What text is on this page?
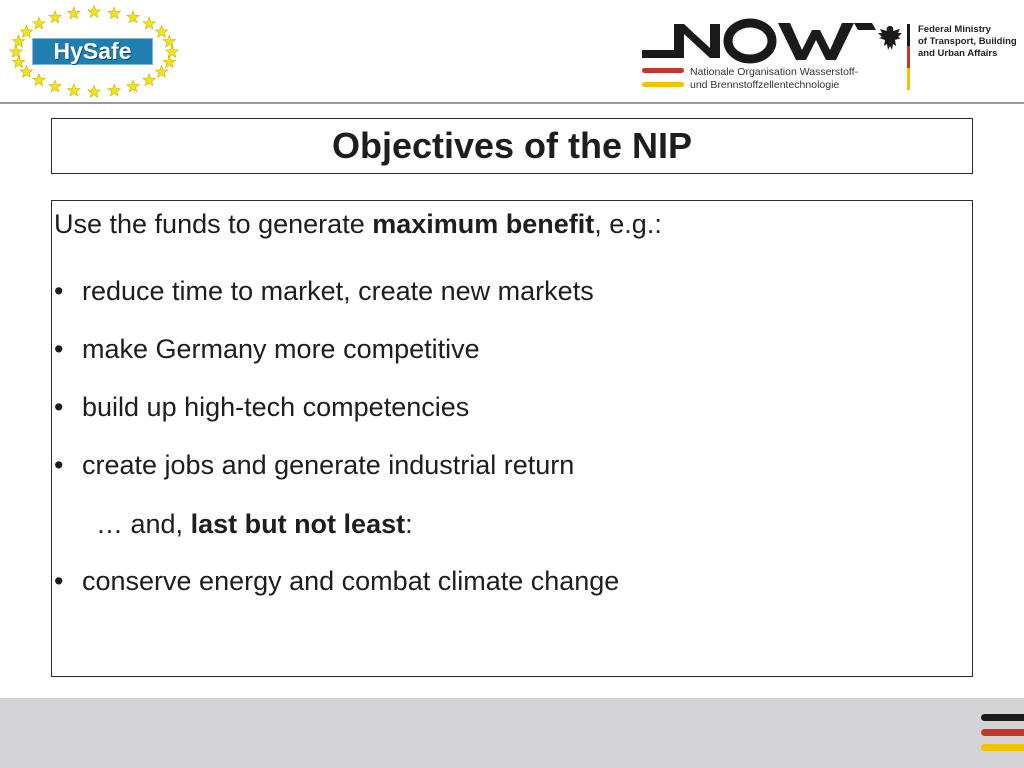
HySafe
Federal Ministry
of Transport, Building
and Urban Affairs
Nationale Organisation Wasserstoff-
und Brennstoffzellentechnologie
Objectives of the NIP
Use the funds to generate maximum benefit, e.g.:
• reduce time to market, create new markets
• make Germany more competitive
• build up high-tech competencies
• create jobs and generate industrial return
… and, last but not least:
• conserve energy and combat climate change
